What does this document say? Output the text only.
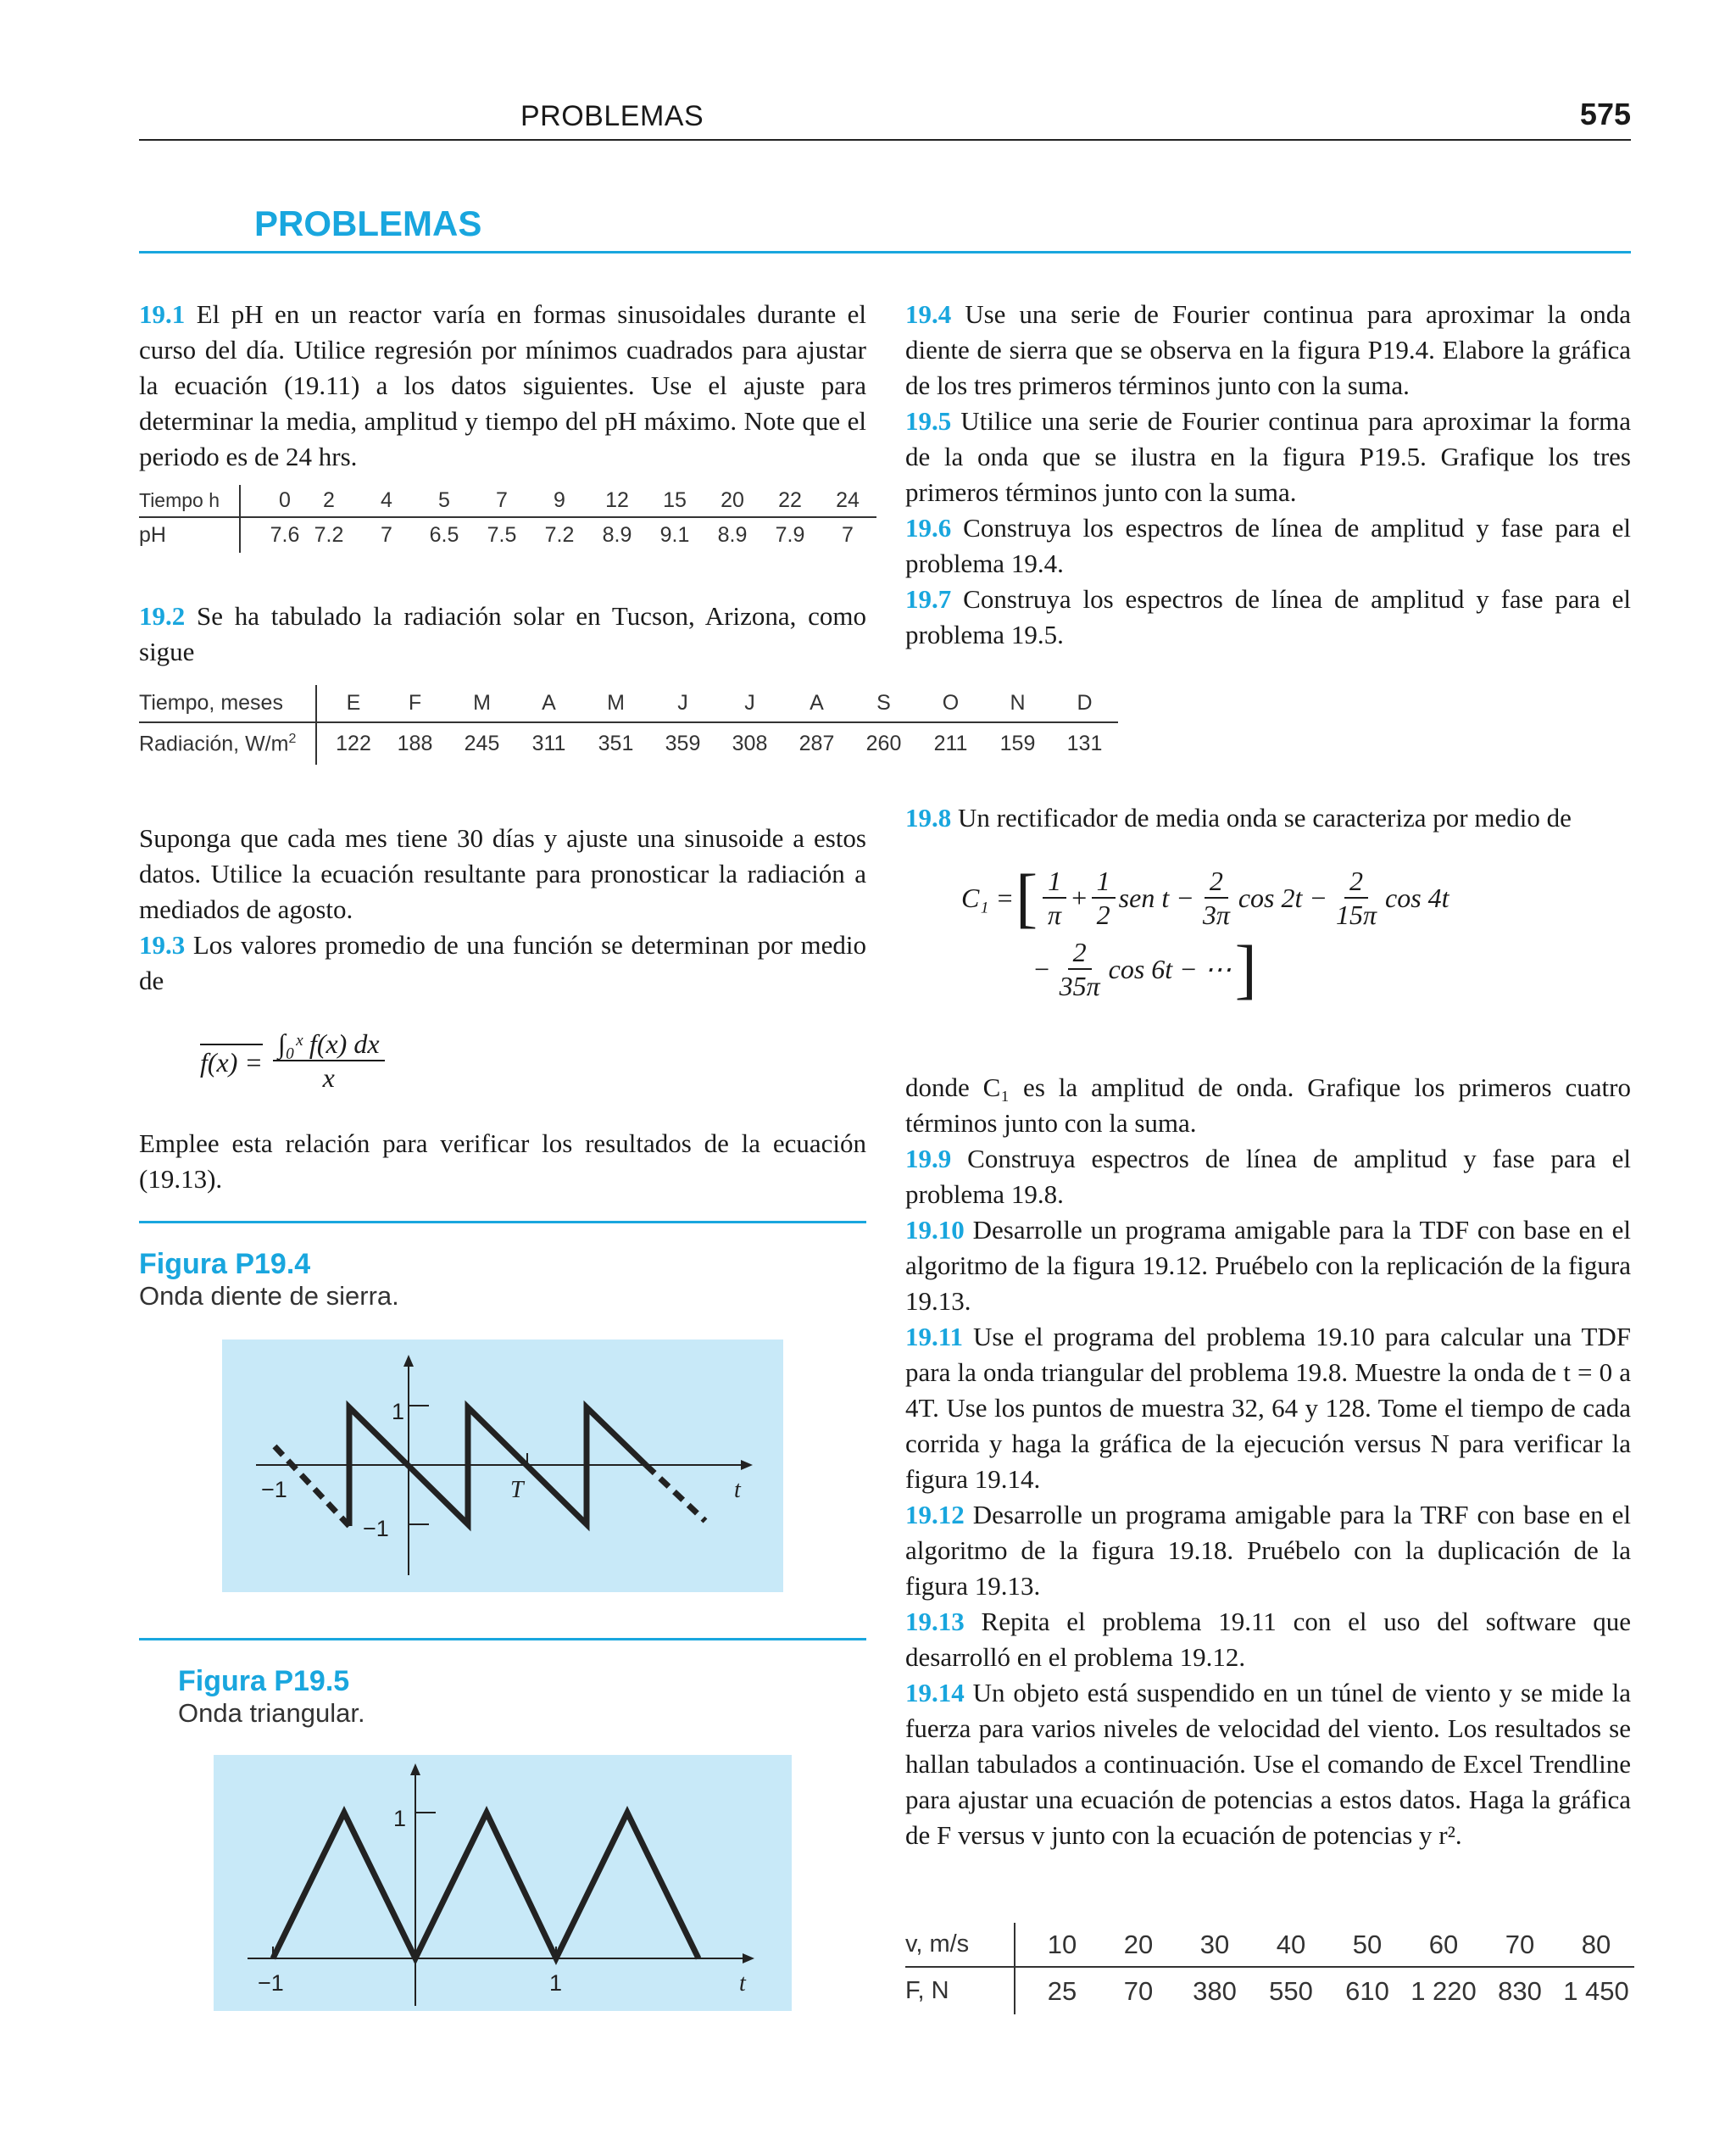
PROBLEMAS	575
PROBLEMAS

19.1 El pH en un reactor varía en formas sinusoidales durante el curso del día. Utilice regresión por mínimos cuadrados para ajustar la ecuación (19.11) a los datos siguientes. Use el ajuste para determinar la media, amplitud y tiempo del pH máximo. Note que el periodo es de 24 hrs.

Tiempo h		0	2	4	5	7	9	12	15	20	22	24
pH		7.6	7.2	7	6.5	7.5	7.2	8.9	9.1	8.9	7.9	7

19.2 Se ha tabulado la radiación solar en Tucson, Arizona, como sigue

Tiempo, meses		E	F	M	A	M	J	J	A	S	O	N	D
Radiación, $W/m^2$		122	188	245	311	351	359	308	287	260	211	159	131

Suponga que cada mes tiene 30 días y ajuste una sinusoide a estos datos. Utilice la ecuación resultante para pronosticar la radiación a mediados de agosto.

19.3 Los valores promedio de una función se determinan por medio de

$f(x) = \frac{\text{∫₀ˣ f(x) dx}}{x}$

Emplee esta relación para verificar los resultados de la ecuación (19.13).

Figura P19.4
Onda diente de sierra.
1
−1
−1	T	t
Figura P19.5
Onda triangular.
1
−1	1	t

19.4 Use una serie de Fourier continua para aproximar la onda diente de sierra que se observa en la figura P19.4. Elabore la gráfica de los tres primeros términos junto con la suma.

19.5 Utilice una serie de Fourier continua para aproximar la forma de la onda que se ilustra en la figura P19.5. Grafique los tres primeros términos junto con la suma.

19.6 Construya los espectros de línea de amplitud y fase para el problema 19.4.

19.7 Construya los espectros de línea de amplitud y fase para el problema 19.5.

19.8 Un rectificador de media onda se caracteriza por medio de

C₁ = [ $\frac{1}{\pi} + \frac{1}{2}$ sen $t - \frac{2}{3\pi}$ $\cos 2t - \frac{2}{15\pi}$ cos 4t
− $\frac{2}{35\pi}$ cos 6t − ⋯ ]

donde C₁ es la amplitud de onda. Grafique los primeros cuatro términos junto con la suma.

19.9 Construya espectros de línea de amplitud y fase para el problema 19.8.

19.10 Desarrolle un programa amigable para la TDF con base en el algoritmo de la figura 19.12. Pruébelo con la replicación de la figura 19.13.

19.11 Use el programa del problema 19.10 para calcular una TDF para la onda triangular del problema 19.8. Muestre la onda de t = 0 a 4T. Use los puntos de muestra 32, 64 y 128. Tome el tiempo de cada corrida y haga la gráfica de la ejecución versus N para verificar la figura 19.14.

19.12 Desarrolle un programa amigable para la TRF con base en el algoritmo de la figura 19.18. Pruébelo con la duplicación de la figura 19.13.

19.13 Repita el problema 19.11 con el uso del software que desarrolló en el problema 19.12.

19.14 Un objeto está suspendido en un túnel de viento y se mide la fuerza para varios niveles de velocidad del viento. Los resultados se hallan tabulados a continuación. Use el comando de Excel Trendline para ajustar una ecuación de potencias a estos datos. Haga la gráfica de F versus v junto con la ecuación de potencias y r².

v, m/s		10	20	30	40	50	60	70	80
F, N		25	70	380	550	610	1 220	830	1 450
